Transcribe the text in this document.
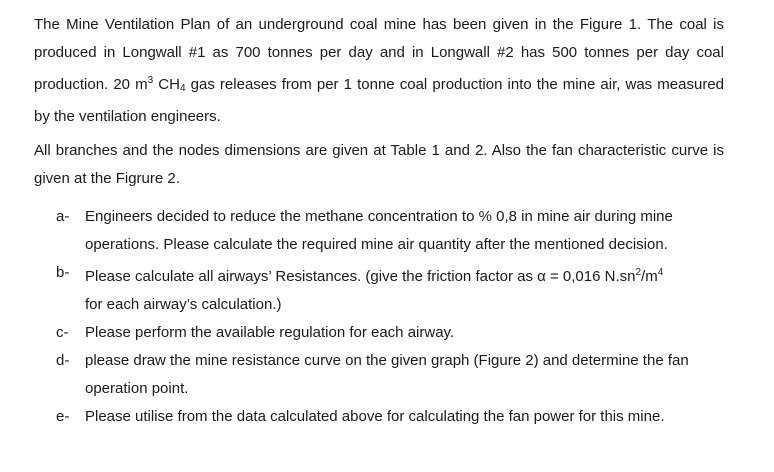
The Mine Ventilation Plan of an underground coal mine has been given in the Figure 1. The coal is produced in Longwall #1 as 700 tonnes per day and in Longwall #2 has 500 tonnes per day coal production. 20 $m^3$ $CH_4$ gas releases from per 1 tonne coal production into the mine air, was measured by the ventilation engineers.

All branches and the nodes dimensions are given at Table 1 and 2. Also the fan characteristic curve is given at the Figrure 2.

a-	Engineers decided to reduce the methane concentration to % 0,8 in mine air during mine operations. Please calculate the required mine air quantity after the mentioned decision.
b-	Please calculate all airways’ Resistances. (give the friction factor as α = 0,016 $N.sn^2/m^4$
for each airway’s calculation.)
c-	Please perform the available regulation for each airway.
d-	please draw the mine resistance curve on the given graph (Figure 2) and determine the fan operation point.
e-	Please utilise from the data calculated above for calculating the fan power for this mine.
